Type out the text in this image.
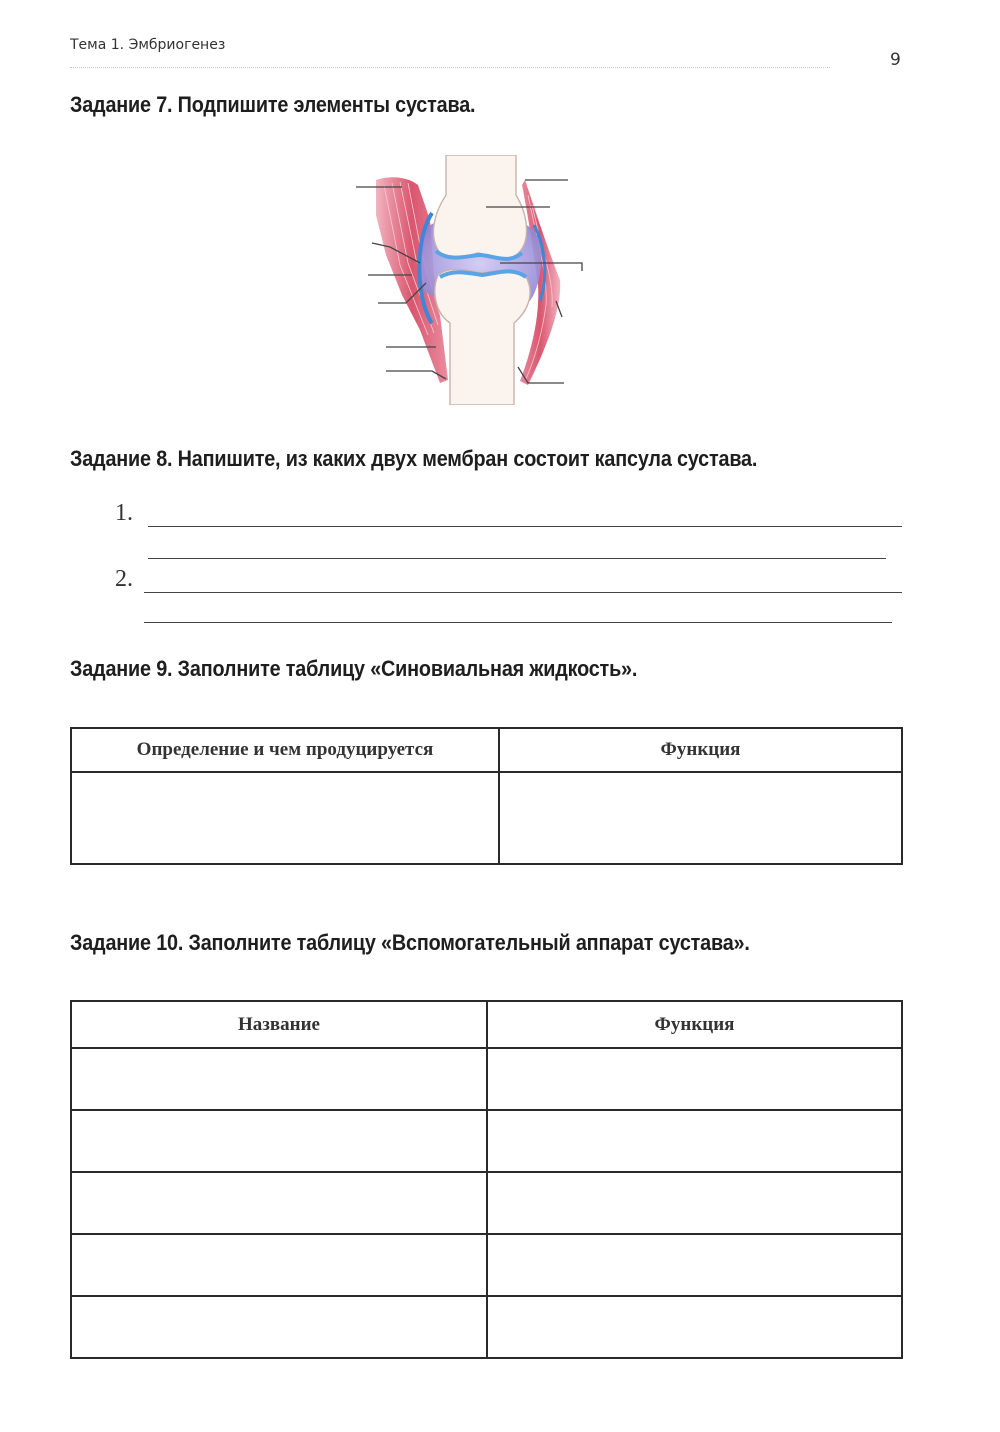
Тема 1. Эмбриогенез
9
Задание 7. Подпишите элементы сустава.
Задание 8. Напишите, из каких двух мембран состоит капсула сустава.
1.
2.
Задание 9. Заполните таблицу «Синовиальная жидкость».
Определение и чем продуцируется	Функция

Задание 10. Заполните таблицу «Вспомогательный аппарат сустава».
Название	Функция
